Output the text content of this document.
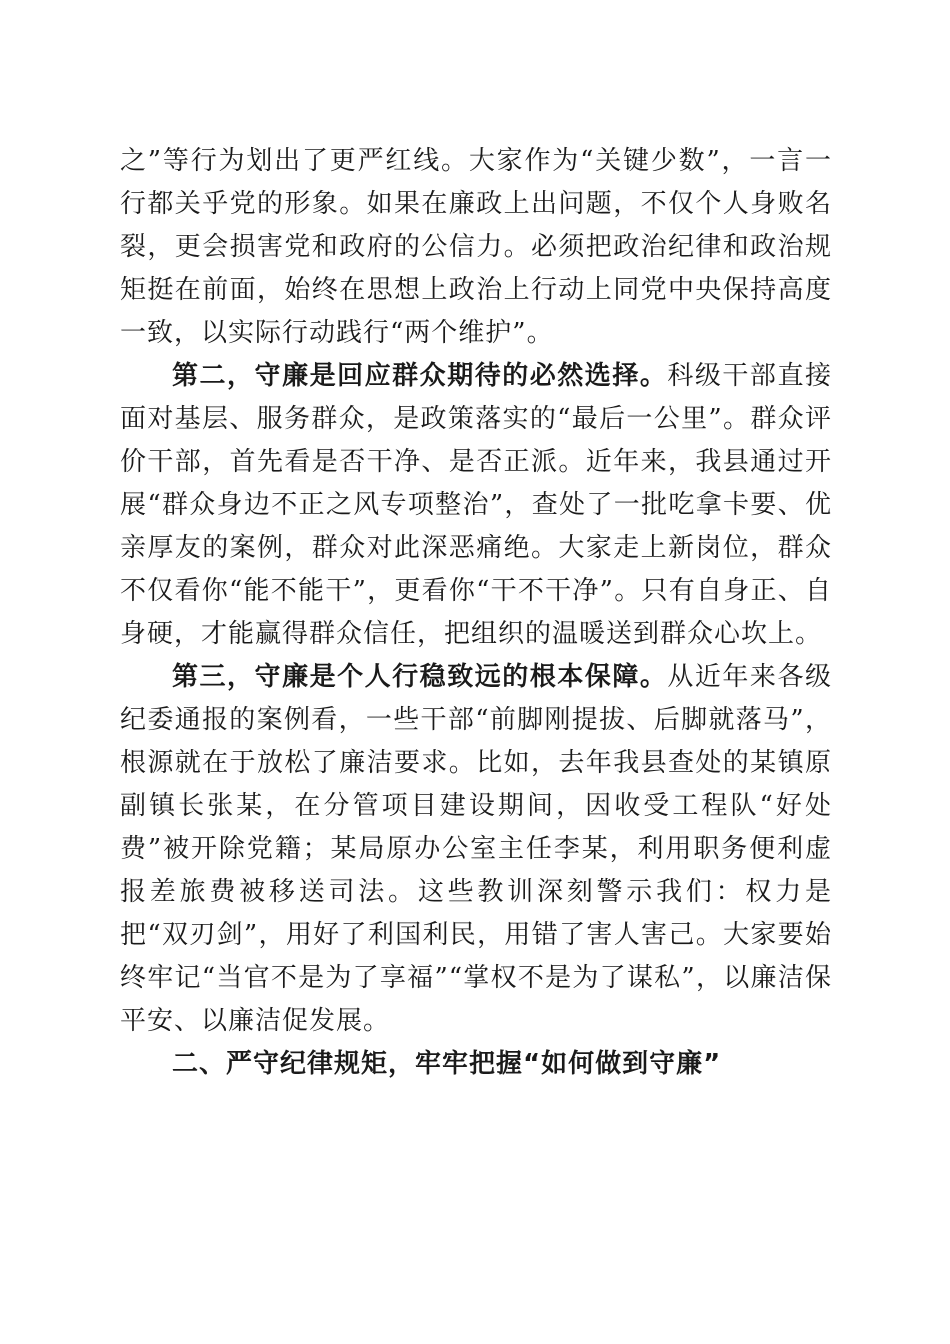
之”等行为划出了更严红线。大家作为“关键少数”，一言一行都关乎党的形象。如果在廉政上出问题，不仅个人身败名裂，更会损害党和政府的公信力。必须把政治纪律和政治规矩挺在前面，始终在思想上政治上行动上同党中央保持高度一致，以实际行动践行“两个维护”。

第二，守廉是回应群众期待的必然选择。科级干部直接面对基层、服务群众，是政策落实的“最后一公里”。群众评价干部，首先看是否干净、是否正派。近年来，我县通过开展“群众身边不正之风专项整治”，查处了一批吃拿卡要、优亲厚友的案例，群众对此深恶痛绝。大家走上新岗位，群众不仅看你“能不能干”，更看你“干不干净”。只有自身正、自身硬，才能赢得群众信任，把组织的温暖送到群众心坎上。

第三，守廉是个人行稳致远的根本保障。从近年来各级纪委通报的案例看，一些干部“前脚刚提拔、后脚就落马”，根源就在于放松了廉洁要求。比如，去年我县查处的某镇原副镇长张某，在分管项目建设期间，因收受工程队“好处费”被开除党籍；某局原办公室主任李某，利用职务便利虚报差旅费被移送司法。这些教训深刻警示我们：权力是把“双刃剑”，用好了利国利民，用错了害人害己。大家要始终牢记“当官不是为了享福”“掌权不是为了谋私”，以廉洁保平安、以廉洁促发展。

二、严守纪律规矩，牢牢把握“如何做到守廉”
